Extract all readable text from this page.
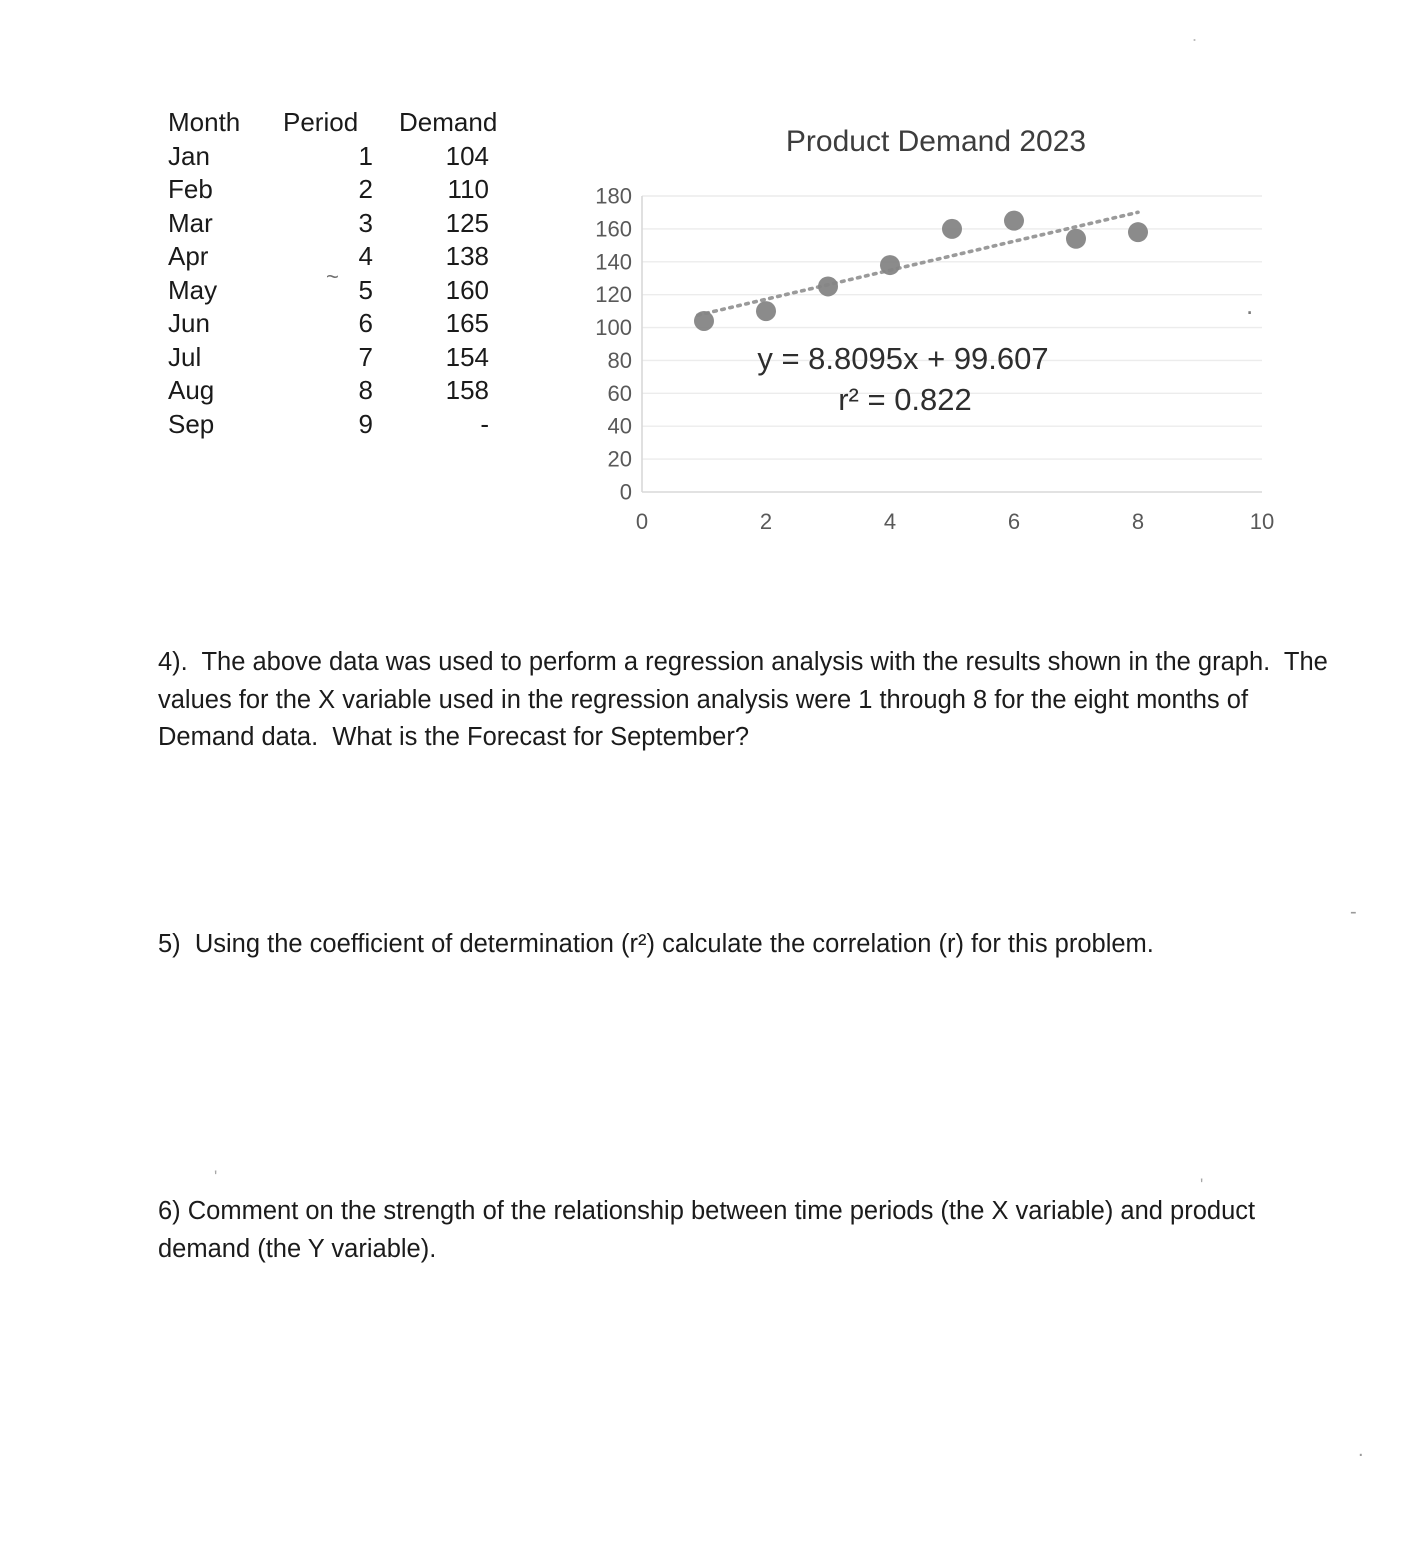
Month Period Demand
Jan	1	104
Feb	2	110
Mar	3	125
Apr	4	138
May	5	160
Jun	6	165
Jul	7	154
Aug	8	158
Sep	9	-
0
20
40
60
80
100
120
140
160
180
0	2	4	6	8	10
Product Demand 2023
y = 8.8095x + 99.607
r² = 0.822
4).  The above data was used to perform a regression analysis with the results shown in the graph.  The
values for the X variable used in the regression analysis were 1 through 8 for the eight months of
Demand data.  What is the Forecast for September?
5)  Using the coefficient of determination (r²) calculate the correlation (r) for this problem.
6) Comment on the strength of the relationship between time periods (the X variable) and product
demand (the Y variable).
~
.
.
-
.
'	'
